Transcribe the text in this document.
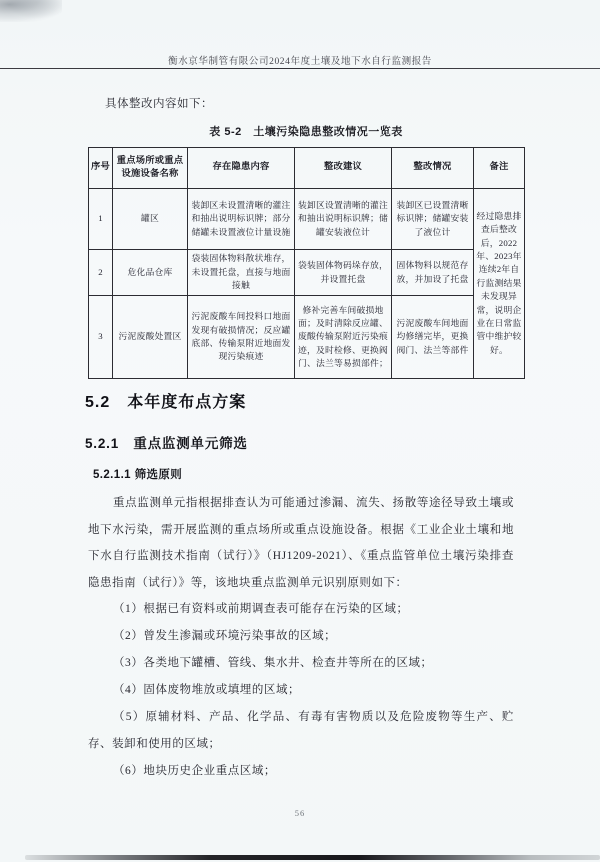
衡水京华制管有限公司2024年度土壤及地下水自行监测报告

具体整改内容如下：

表 5-2　土壤污染隐患整改情况一览表

序号	重点场所或重点设施设备名称	存在隐患内容	整改建议	整改情况	备注
1	罐区	装卸区未设置清晰的灌注和抽出说明标识牌；部分储罐未设置液位计量设施	装卸区设置清晰的灌注和抽出说明标识牌；储罐安装液位计	装卸区已设置清晰标识牌；储罐安装了液位计	经过隐患排查后整改后，2022年、2023年连续2年自行监测结果未发现异常，说明企业在日常监管中维护较好。
2	危化品仓库	袋装固体物料散状堆存，未设置托盘，直接与地面接触	袋装固体物码垛存放，并设置托盘	固体物料以规范存放，并加设了托盘	
3	污泥废酸处置区	污泥废酸车间投料口地面发现有破损情况；反应罐底部、传输泵附近地面发现污染痕迹	修补完善车间破损地面；及时清除反应罐、废酸传输泵附近污染痕迹，及时检修、更换阀门、法兰等易损部件；	污泥废酸车间地面均修缮完毕，更换阀门、法兰等部件	
5.2　本年度布点方案
5.2.1　重点监测单元筛选
5.2.1.1 筛选原则

重点监测单元指根据排查认为可能通过渗漏、流失、扬散等途径导致土壤或地下水污染，需开展监测的重点场所或重点设施设备。根据《工业企业土壤和地下水自行监测技术指南（试行）》（HJ1209-2021）、《重点监管单位土壤污染排查隐患指南（试行）》等，该地块重点监测单元识别原则如下：

（1）根据已有资料或前期调查表可能存在污染的区域；

（2）曾发生渗漏或环境污染事故的区域；

（3）各类地下罐槽、管线、集水井、检查井等所在的区域；

（4）固体废物堆放或填埋的区域；

（5）原辅材料、产品、化学品、有毒有害物质以及危险废物等生产、贮存、装卸和使用的区域；

（6）地块历史企业重点区域；

56
